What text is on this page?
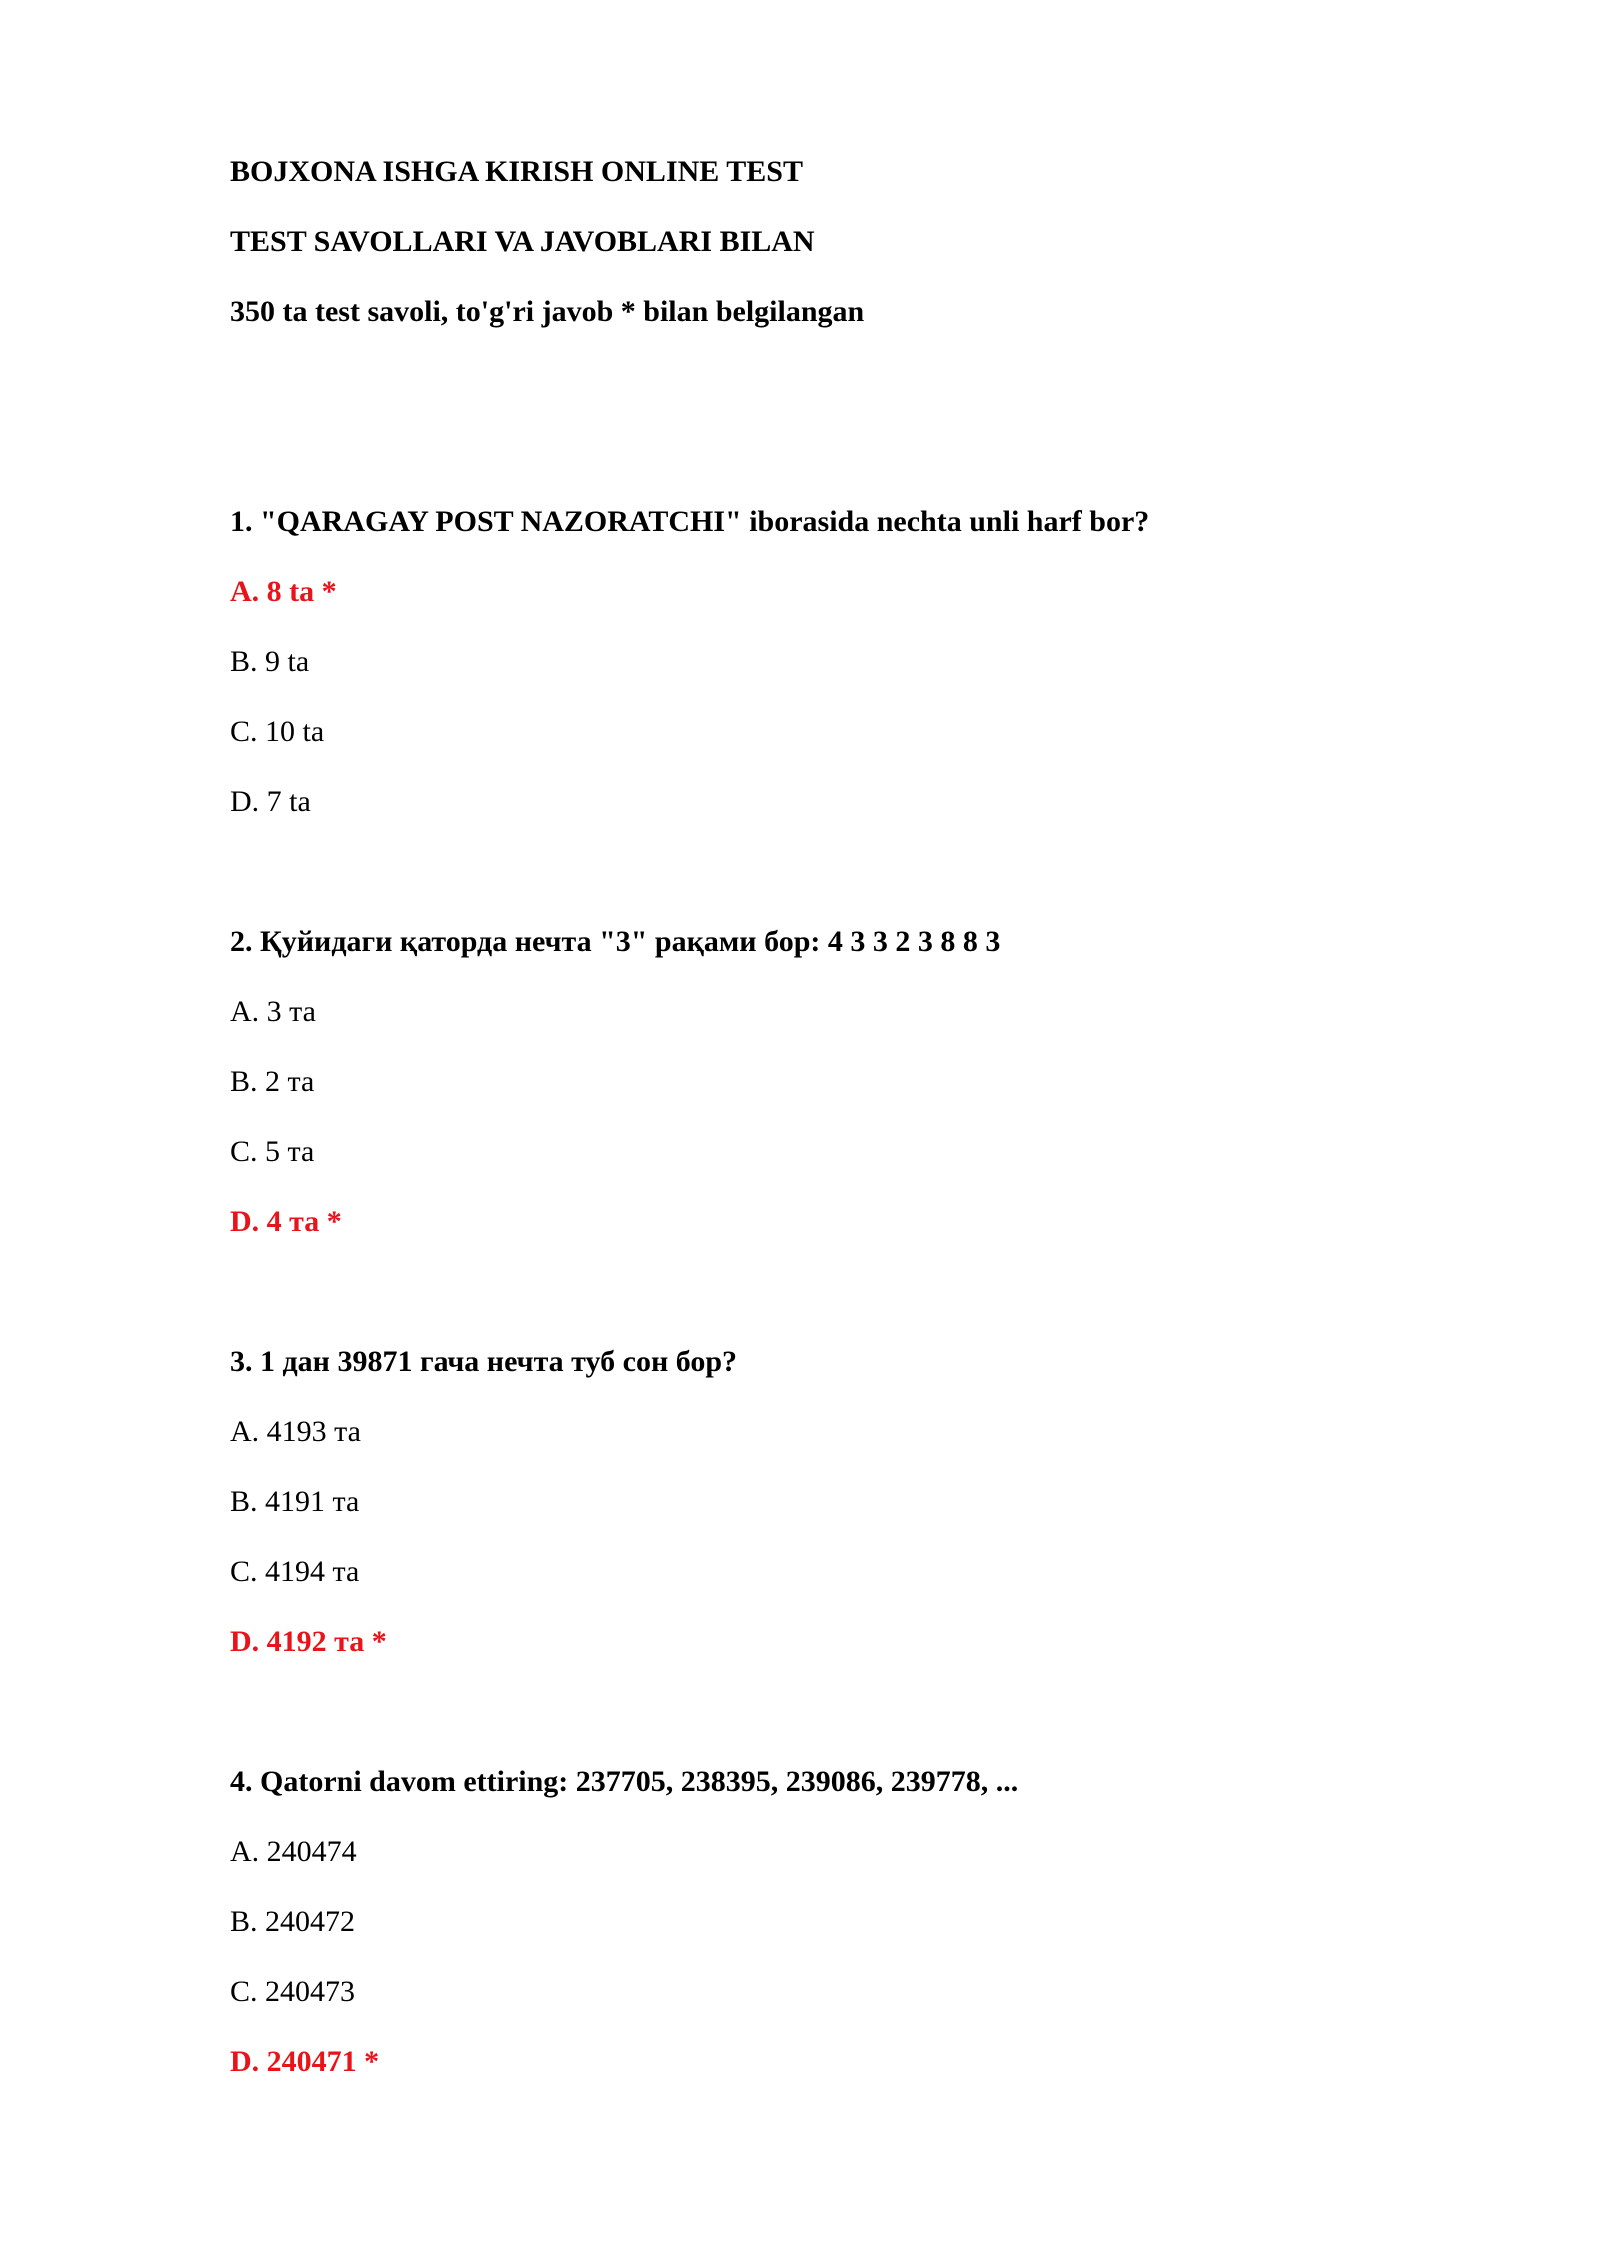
BOJXONA ISHGA KIRISH ONLINE TEST

TEST SAVOLLARI VA JAVOBLARI BILAN

350 ta test savoli, to'g'ri javob * bilan belgilangan

1. "QARAGAY POST NAZORATCHI" iborasida nechta unli harf bor?

A. 8 ta *

B. 9 ta

C. 10 ta

D. 7 ta

2. Қуйидаги қаторда нечта "3" рақами бор: 4 3 3 2 3 8 8 3

A. 3 та

B. 2 та

C. 5 та

D. 4 та *

3. 1 дан 39871 гача нечта туб сон бор?

A. 4193 та

B. 4191 та

C. 4194 та

D. 4192 та *

4. Qatorni davom ettiring: 237705, 238395, 239086, 239778, ...

A. 240474

B. 240472

C. 240473

D. 240471 *
